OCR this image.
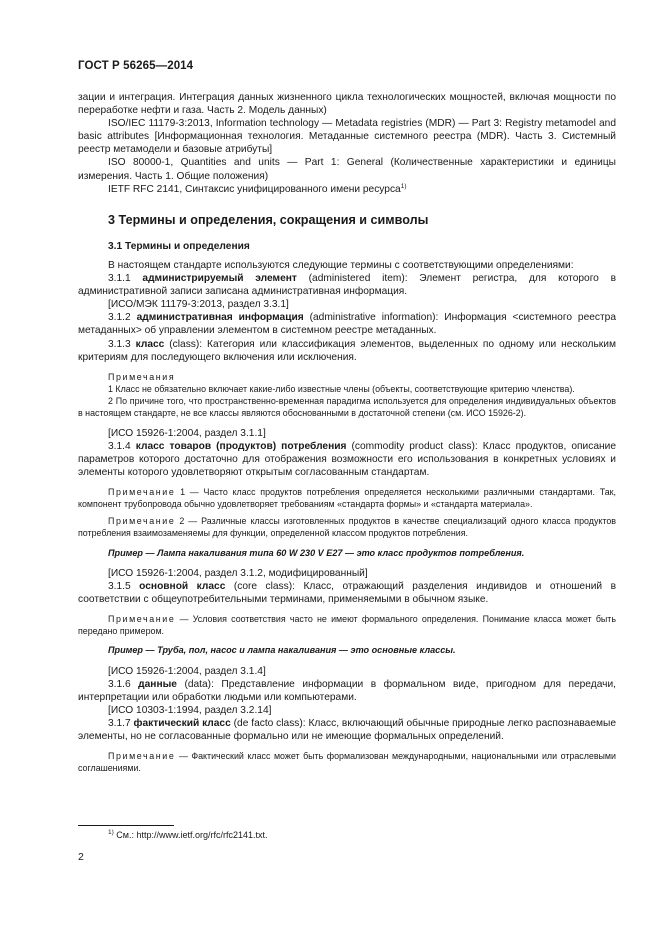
ГОСТ Р 56265—2014

зации и интеграция. Интеграция данных жизненного цикла технологических мощностей, включая мощности по переработке нефти и газа. Часть 2. Модель данных)

ISO/IEC 11179-3:2013, Information technology — Metadata registries (MDR) — Part 3: Registry metamodel and basic attributes [Информационная технология. Метаданные системного реестра (MDR). Часть 3. Системный реестр метамодели и базовые атрибуты]

ISO 80000-1, Quantities and units — Part 1: General (Количественные характеристики и единицы измерения. Часть 1. Общие положения)

IETF RFC 2141, Синтаксис унифицированного имени ресурса$^{1)}$

3 Термины и определения, сокращения и символы
3.1 Термины и определения

В настоящем стандарте используются следующие термины с соответствующими определениями:

3.1.1 администрируемый элемент (administered item): Элемент регистра, для которого в административной записи записана административная информация.

[ИСО/МЭК 11179-3:2013, раздел 3.3.1]

3.1.2 административная информация (administrative information): Информация <системного реестра метаданных> об управлении элементом в системном реестре метаданных.

3.1.3 класс (class): Категория или классификация элементов, выделенных по одному или нескольким критериям для последующего включения или исключения.

Примечания

1 Класс не обязательно включает какие-либо известные члены (объекты, соответствующие критерию членства).

2 По причине того, что пространственно-временная парадигма используется для определения индивидуальных объектов в настоящем стандарте, не все классы являются обоснованными в достаточной степени (см. ИСО 15926-2).

[ИСО 15926-1:2004, раздел 3.1.1]

3.1.4 класс товаров (продуктов) потребления (commodity product class): Класс продуктов, описание параметров которого достаточно для отображения возможности его использования в конкретных условиях и элементы которого удовлетворяют открытым согласованным стандартам.

Примечание 1 — Часто класс продуктов потребления определяется несколькими различными стандартами. Так, компонент трубопровода обычно удовлетворяет требованиям «стандарта формы» и «стандарта материала».

Примечание 2 — Различные классы изготовленных продуктов в качестве специализаций одного класса продуктов потребления взаимозаменяемы для функции, определенной классом продуктов потребления.

Пример — Лампа накаливания типа 60 W 230 V E27 — это класс продуктов потребления.

[ИСО 15926-1:2004, раздел 3.1.2, модифицированный]

3.1.5 основной класс (core class): Класс, отражающий разделения индивидов и отношений в соответствии с общеупотребительными терминами, применяемыми в обычном языке.

Примечание — Условия соответствия часто не имеют формального определения. Понимание класса может быть передано примером.

Пример — Труба, пол, насос и лампа накаливания — это основные классы.

[ИСО 15926-1:2004, раздел 3.1.4]

3.1.6 данные (data): Представление информации в формальном виде, пригодном для передачи, интерпретации или обработки людьми или компьютерами.

[ИСО 10303-1:1994, раздел 3.2.14]

3.1.7 фактический класс (de facto class): Класс, включающий обычные природные легко распознаваемые элементы, но не согласованные формально или не имеющие формальных определений.

Примечание — Фактический класс может быть формализован международными, национальными или отраслевыми соглашениями.

$^{1)}$ См.: http://www.ietf.org/rfc/rfc2141.txt.
2
